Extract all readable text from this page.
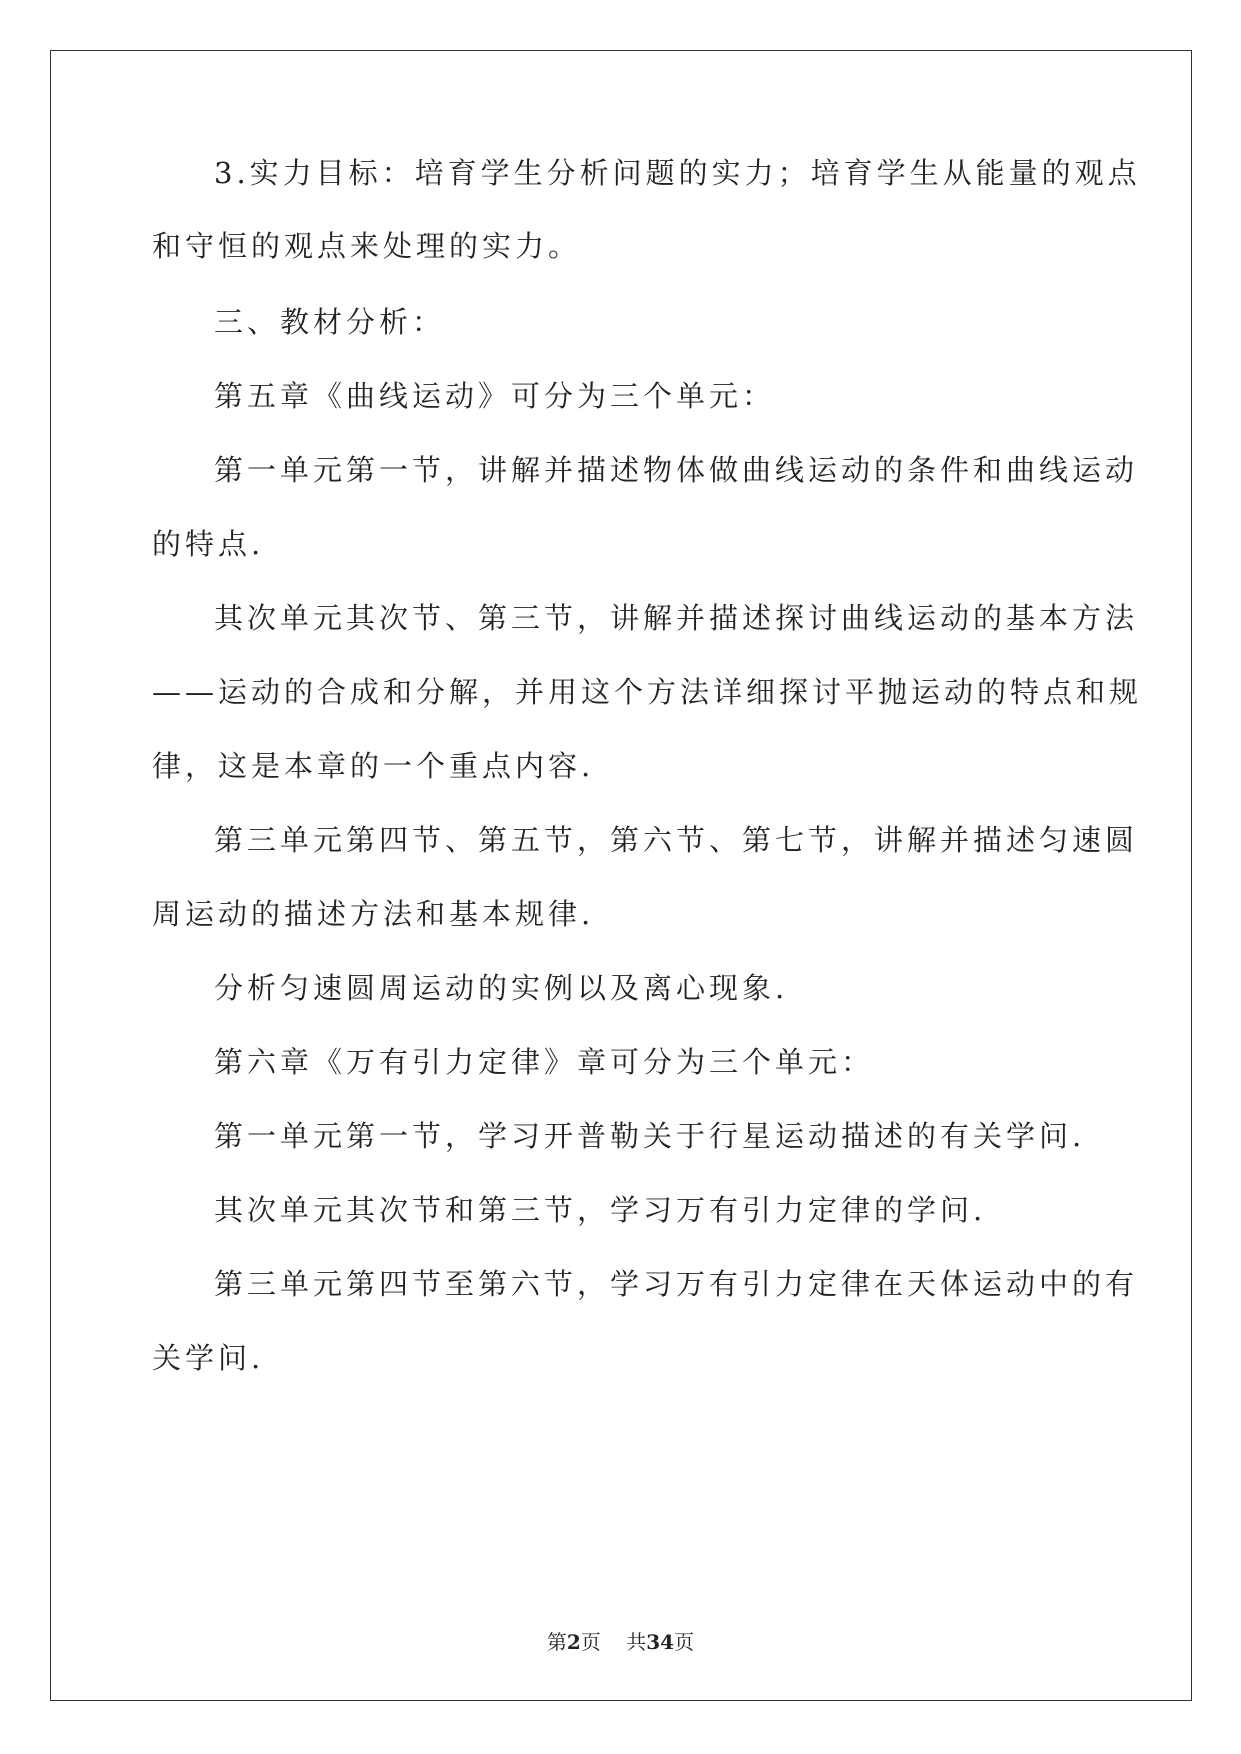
3.实力目标：培育学生分析问题的实力；培育学生从能量的观点
和守恒的观点来处理的实力。
三、教材分析：
第五章《曲线运动》可分为三个单元：
第一单元第一节，讲解并描述物体做曲线运动的条件和曲线运动
的特点.
其次单元其次节、第三节，讲解并描述探讨曲线运动的基本方法
——运动的合成和分解，并用这个方法详细探讨平抛运动的特点和规
律，这是本章的一个重点内容.
第三单元第四节、第五节，第六节、第七节，讲解并描述匀速圆
周运动的描述方法和基本规律.
分析匀速圆周运动的实例以及离心现象.
第六章《万有引力定律》章可分为三个单元：
第一单元第一节，学习开普勒关于行星运动描述的有关学问.
其次单元其次节和第三节，学习万有引力定律的学问.
第三单元第四节至第六节，学习万有引力定律在天体运动中的有
关学问.
第2页 共34页
